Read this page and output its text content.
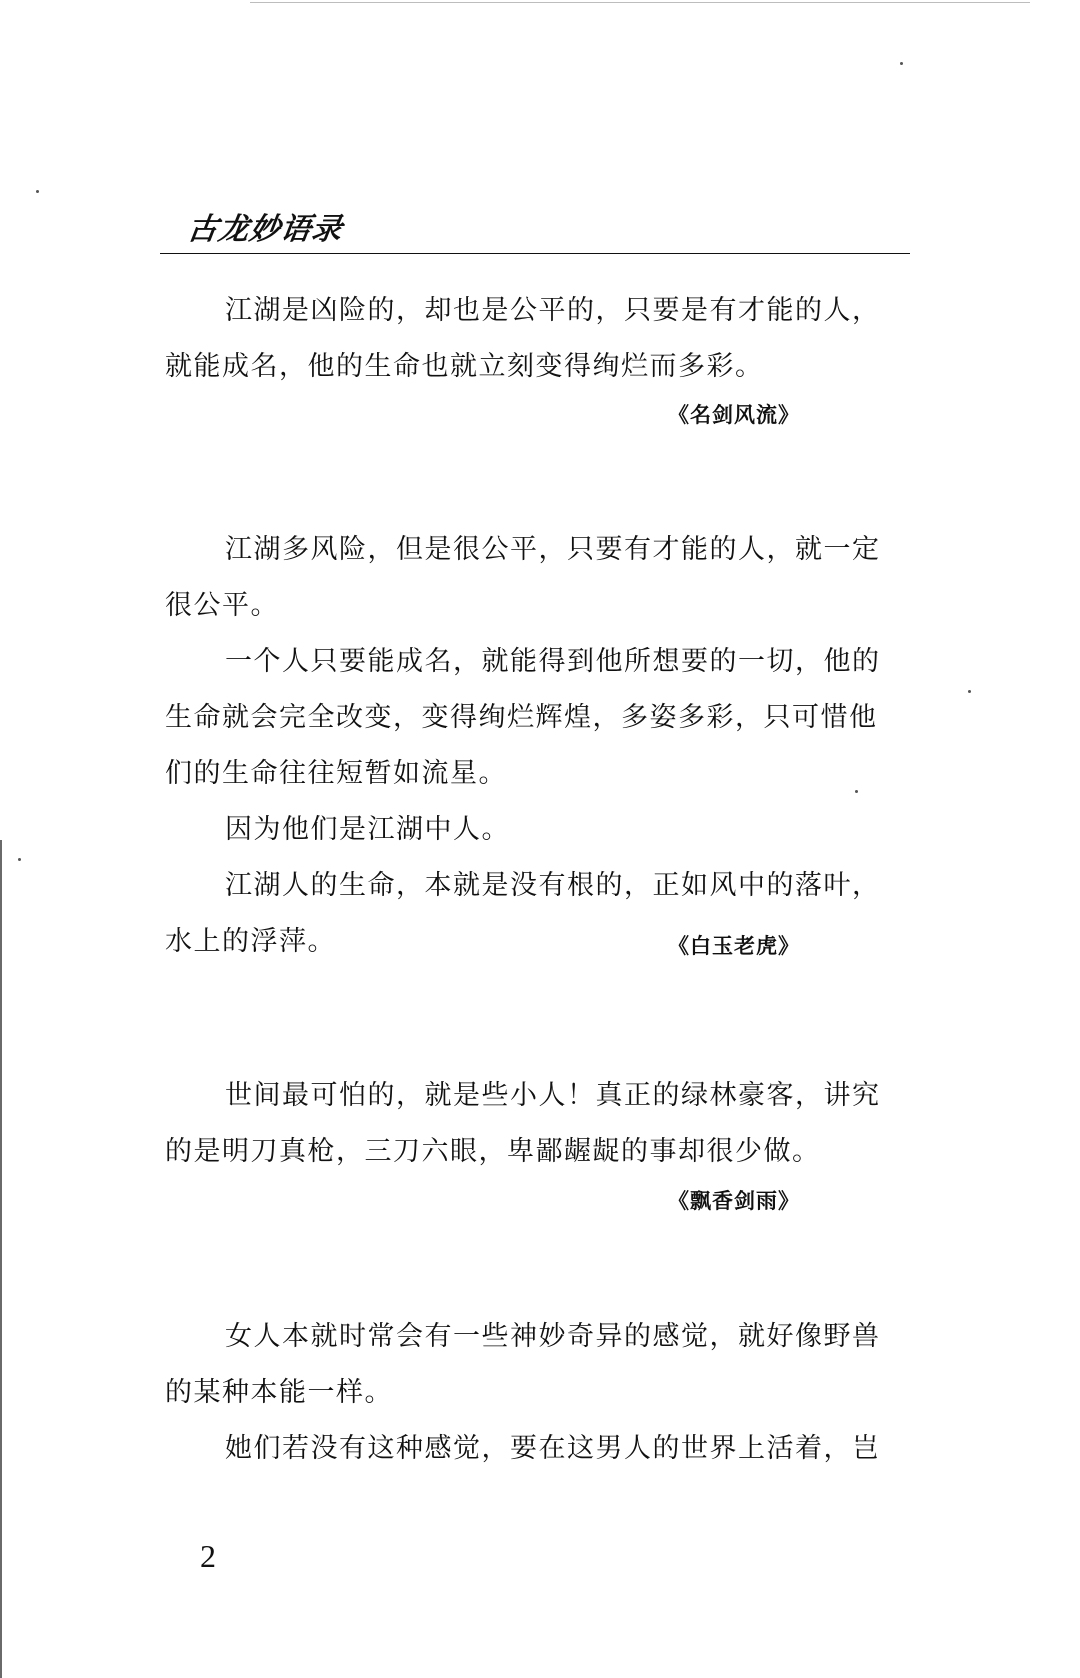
古龙妙语录
江湖是凶险的，却也是公平的，只要是有才能的人，
就能成名，他的生命也就立刻变得绚烂而多彩。
《名剑风流》
江湖多风险，但是很公平，只要有才能的人，就一定
很公平。
一个人只要能成名，就能得到他所想要的一切，他的
生命就会完全改变，变得绚烂辉煌，多姿多彩，只可惜他
们的生命往往短暂如流星。
因为他们是江湖中人。
江湖人的生命，本就是没有根的，正如风中的落叶，
水上的浮萍。	《白玉老虎》
世间最可怕的，就是些小人！真正的绿林豪客，讲究
的是明刀真枪，三刀六眼，卑鄙龌龊的事却很少做。
《飘香剑雨》
女人本就时常会有一些神妙奇异的感觉，就好像野兽
的某种本能一样。
她们若没有这种感觉，要在这男人的世界上活着，岂
2
